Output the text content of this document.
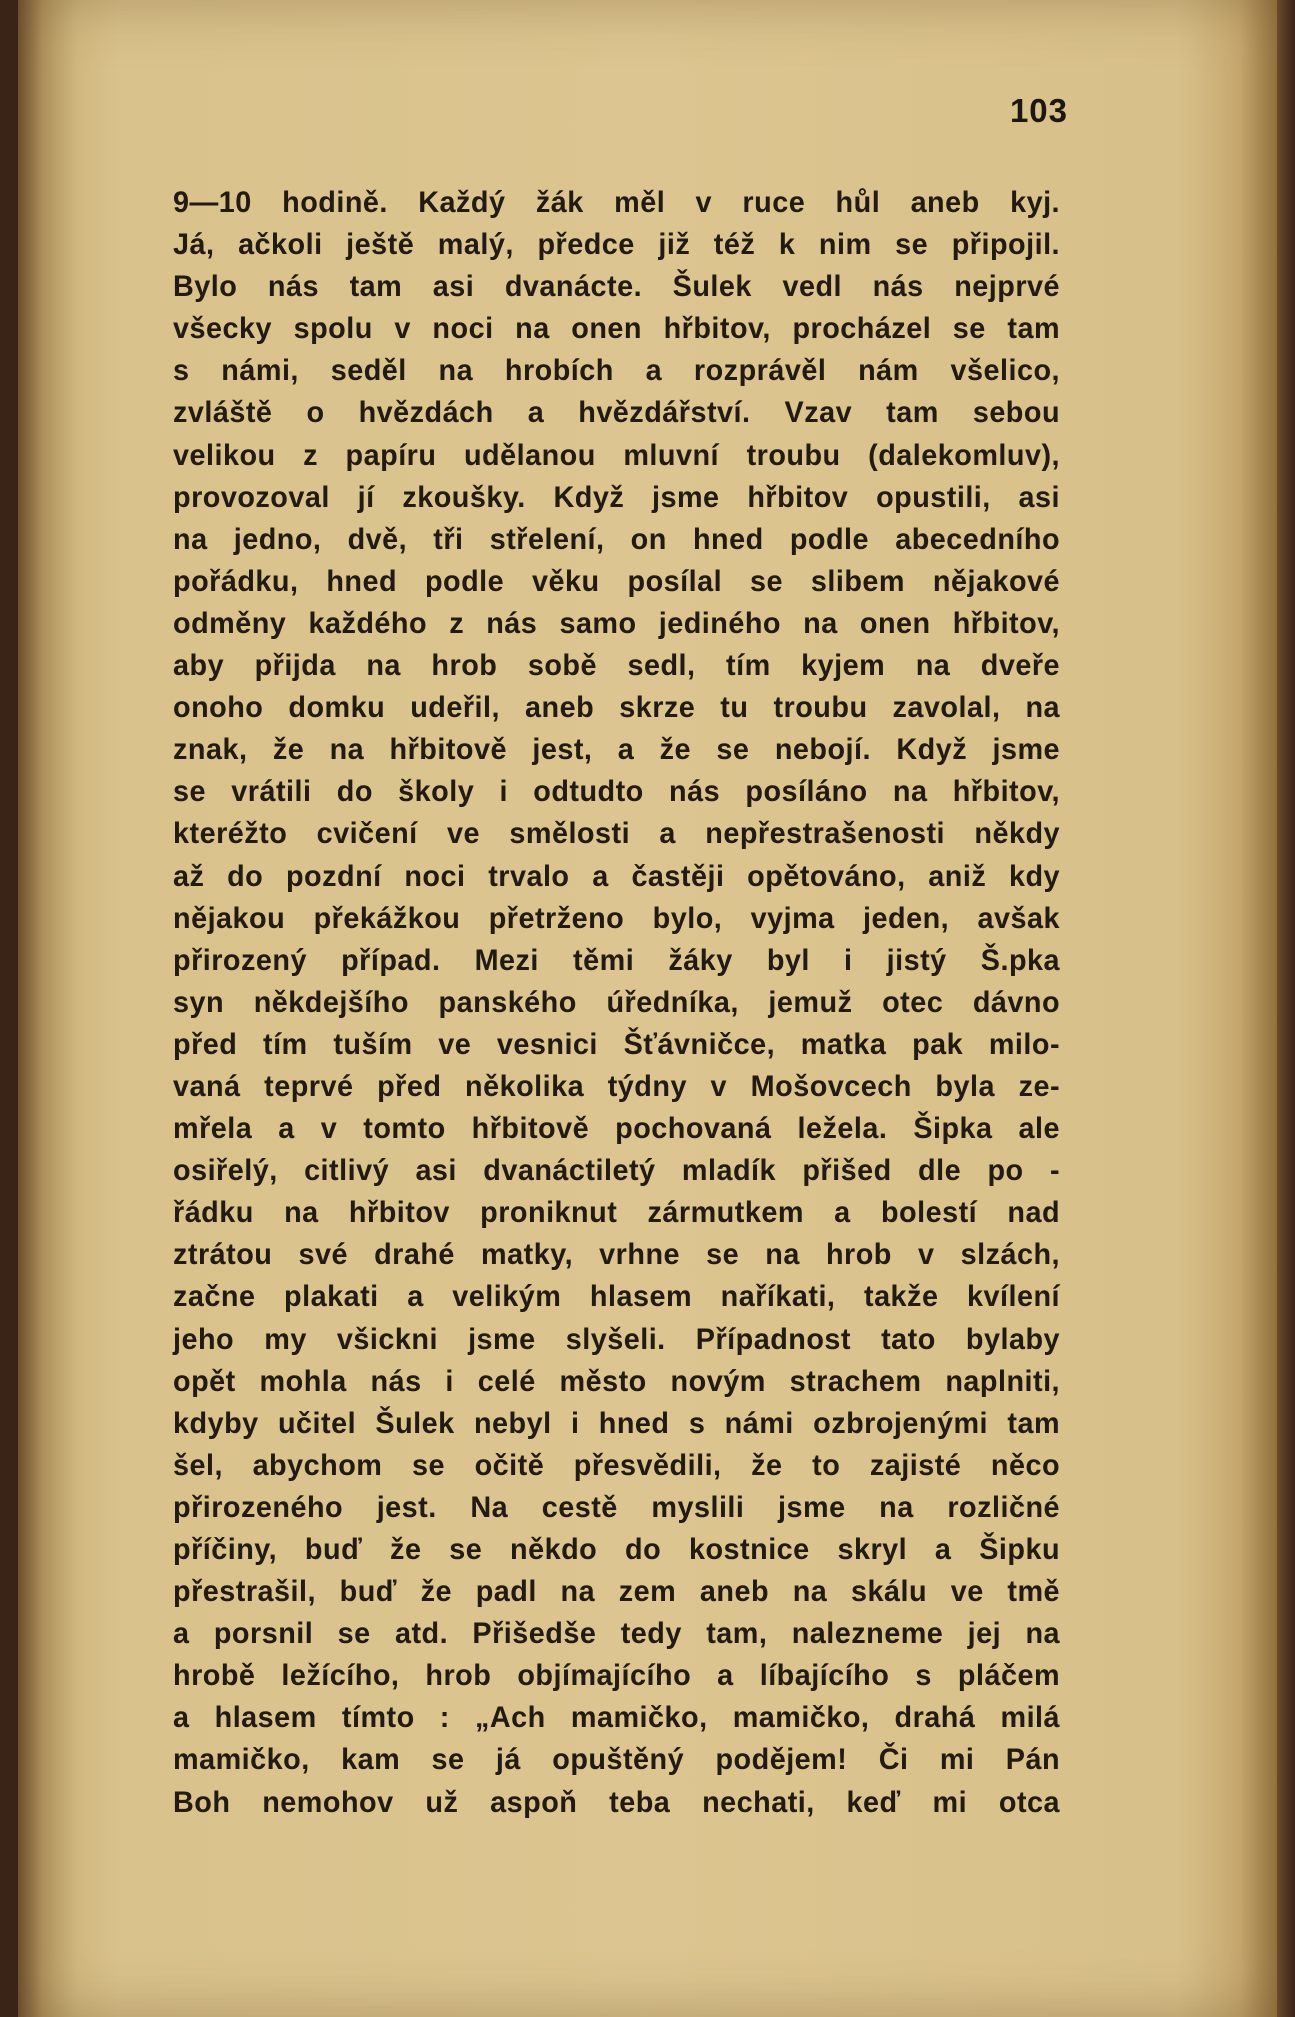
103
9—10 hodině. Každý žák měl v ruce hůl aneb kyj.
Já, ačkoli ještě malý, předce již též k nim se připojil.
Bylo nás tam asi dvanácte. Šulek vedl nás nejprvé
všecky spolu v noci na onen hřbitov, procházel se tam
s námi, seděl na hrobích a rozprávěl nám všelico,
zvláště o hvězdách a hvězdářství. Vzav tam sebou
velikou z papíru udělanou mluvní troubu (dalekomluv),
provozoval jí zkoušky. Když jsme hřbitov opustili, asi
na jedno, dvě, tři střelení, on hned podle abecedního
pořádku, hned podle věku posílal se slibem nějakové
odměny každého z nás samo jediného na onen hřbitov,
aby přijda na hrob sobě sedl, tím kyjem na dveře
onoho domku udeřil, aneb skrze tu troubu zavolal, na
znak, že na hřbitově jest, a že se nebojí. Když jsme
se vrátili do školy i odtudto nás posíláno na hřbitov,
kteréžto cvičení ve smělosti a nepřestrašenosti někdy
až do pozdní noci trvalo a častěji opětováno, aniž kdy
nějakou překážkou přetrženo bylo, vyjma jeden, avšak
přirozený případ. Mezi těmi žáky byl i jistý Š.pka
syn někdejšího panského úředníka, jemuž otec dávno
před tím tuším ve vesnici Šťávničce, matka pak milo-
vaná teprvé před několika týdny v Mošovcech byla ze-
mřela a v tomto hřbitově pochovaná ležela. Šipka ale
osiřelý, citlivý asi dvanáctiletý mladík přišed dle po -
řádku na hřbitov proniknut zármutkem a bolestí nad
ztrátou své drahé matky, vrhne se na hrob v slzách,
začne plakati a velikým hlasem naříkati, takže kvílení
jeho my všickni jsme slyšeli. Případnost tato bylaby
opět mohla nás i celé město novým strachem naplniti,
kdyby učitel Šulek nebyl i hned s námi ozbrojenými tam
šel, abychom se očitě přesvědili, že to zajisté něco
přirozeného jest. Na cestě myslili jsme na rozličné
příčiny, buď že se někdo do kostnice skryl a Šipku
přestrašil, buď že padl na zem aneb na skálu ve tmě
a porsnil se atd. Přišedše tedy tam, nalezneme jej na
hrobě ležícího, hrob objímajícího a líbajícího s pláčem
a hlasem tímto : „Ach mamičko, mamičko, drahá milá
mamičko, kam se já opuštěný poděјem! Či mi Pán
Boh nemohov už aspoň teba nechati, keď mi otca
